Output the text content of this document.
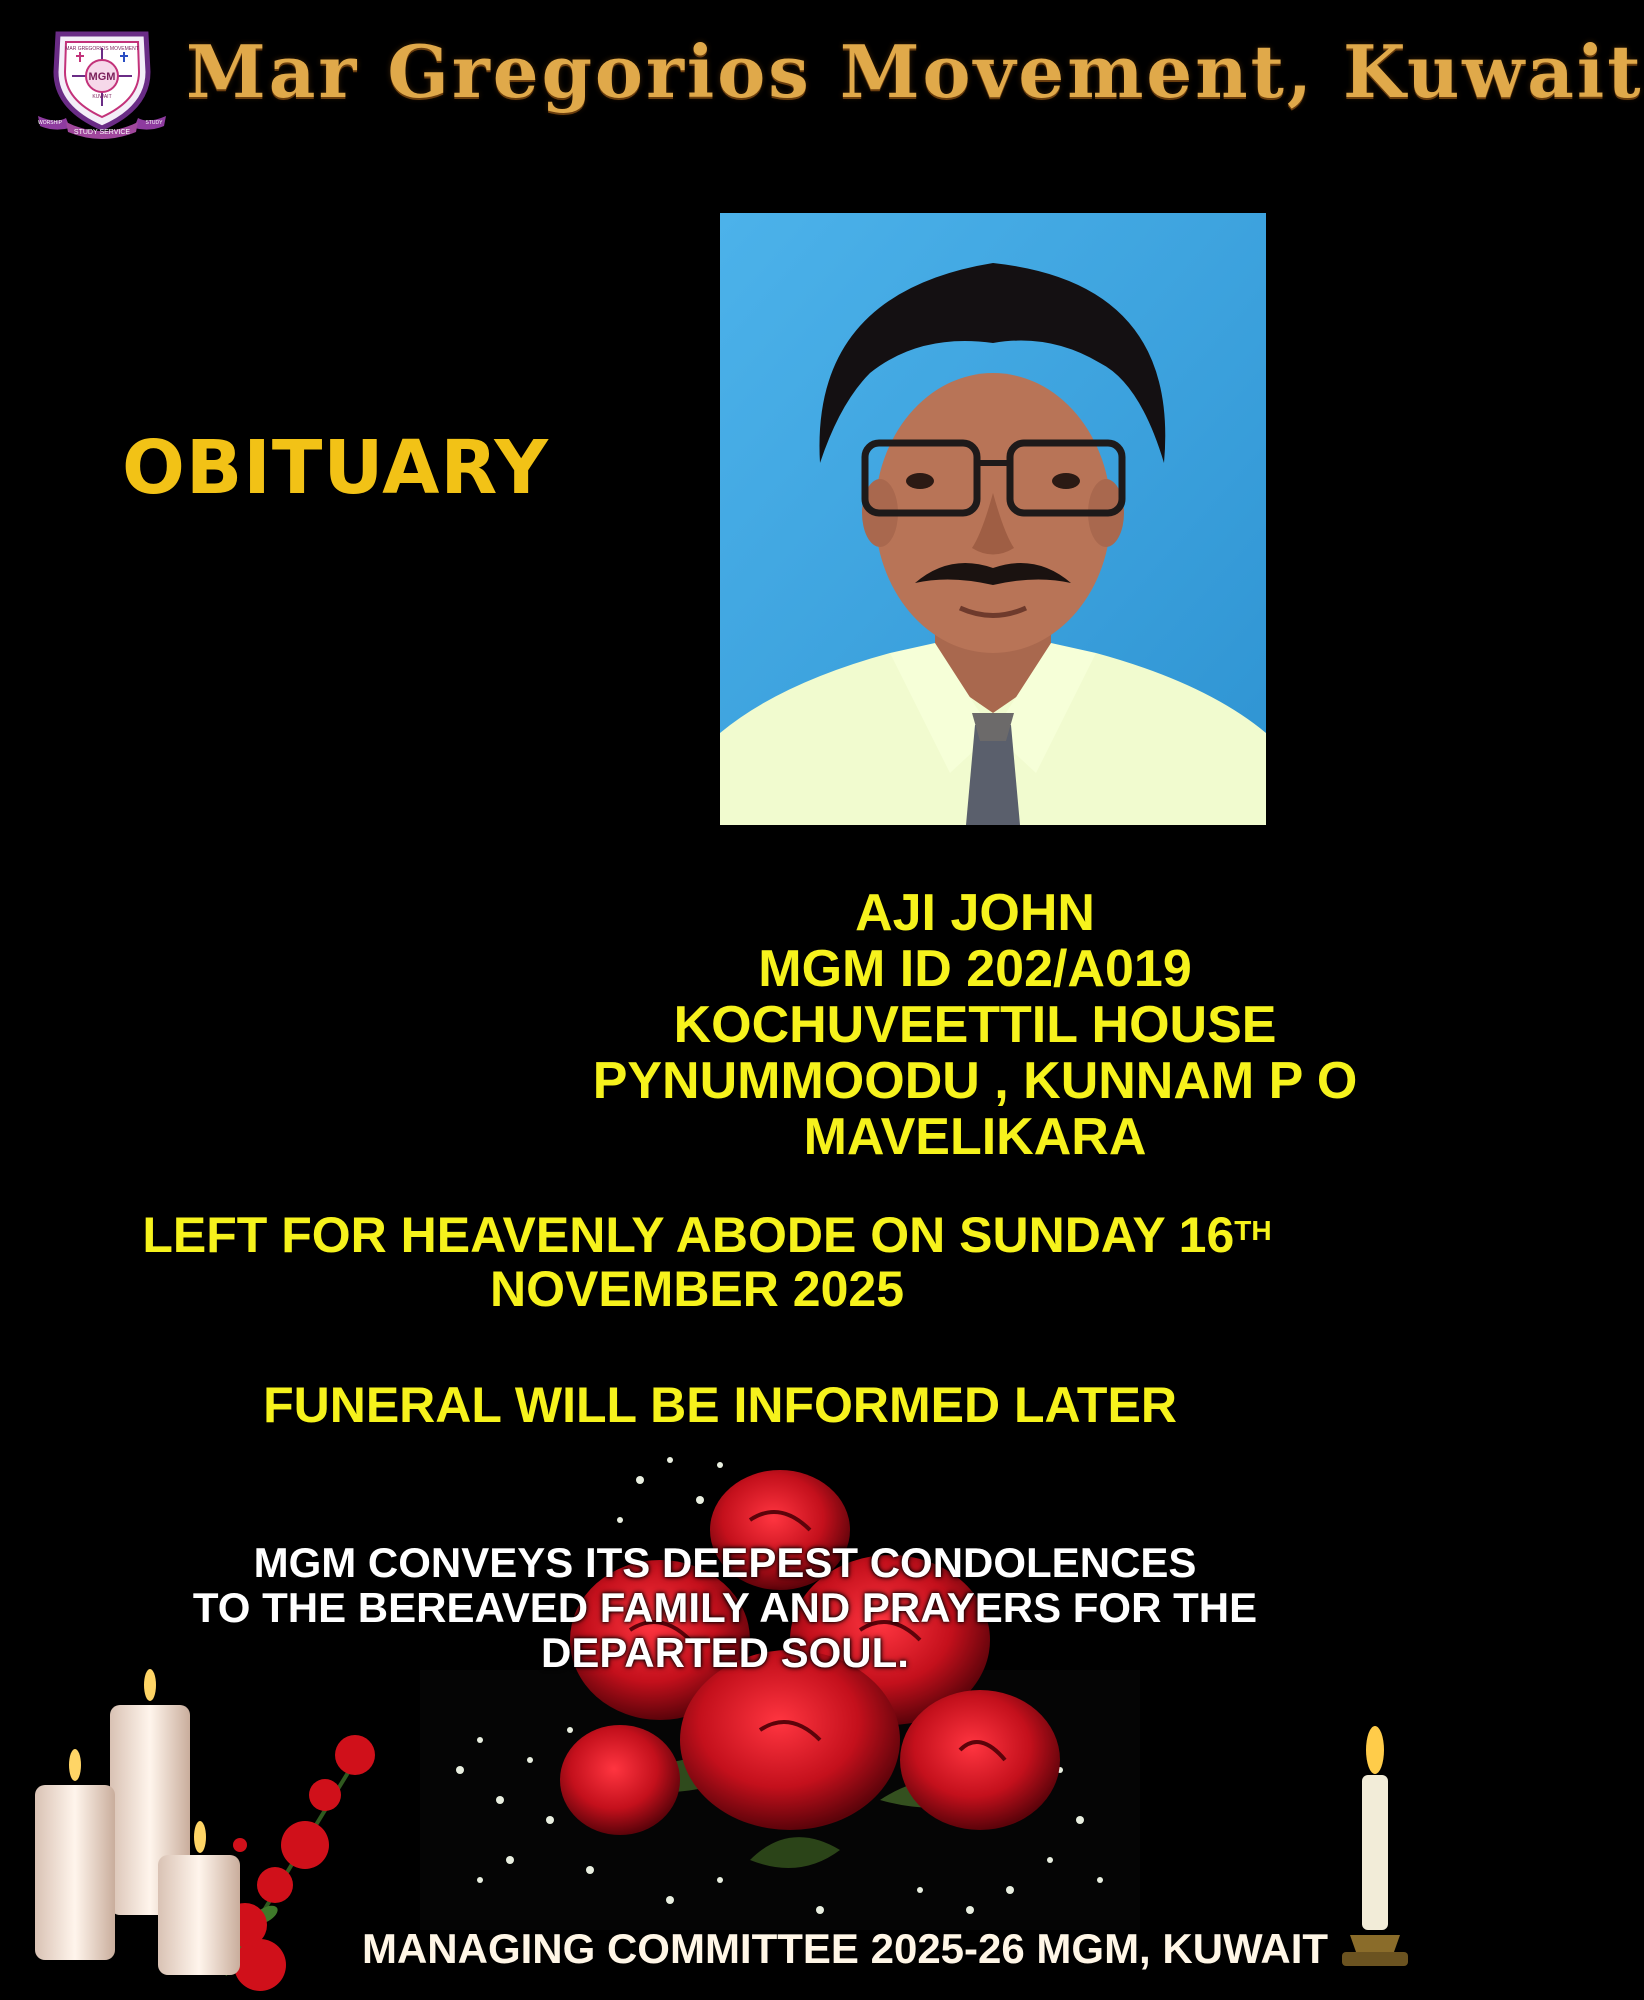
MGM
MAR GREGORIOS MOVEMENT
KUWAIT
STUDY SERVICE
WORSHIP	STUDY
Mar Gregorios Movement, Kuwait
OBITUARY
AJI JOHN
MGM ID 202/A019
KOCHUVEETTIL HOUSE
PYNUMMOODU , KUNNAM P O
MAVELIKARA
LEFT FOR HEAVENLY ABODE ON SUNDAY 16TH
NOVEMBER 2025
FUNERAL WILL BE INFORMED LATER
MGM CONVEYS ITS DEEPEST CONDOLENCES
TO THE BEREAVED FAMILY AND PRAYERS FOR THE
DEPARTED SOUL.
MANAGING COMMITTEE 2025-26 MGM, KUWAIT
